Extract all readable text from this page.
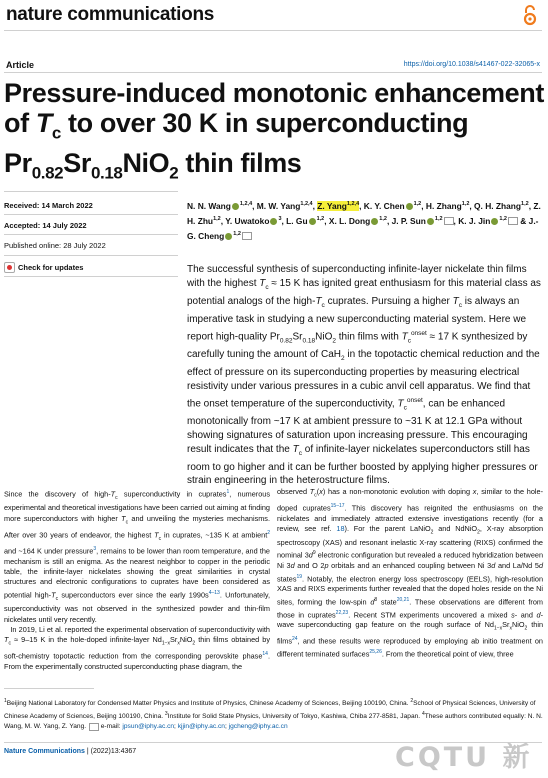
nature communications
Article	https://doi.org/10.1038/s41467-022-32065-x
Pressure-induced monotonic enhancement of $T_c$ to over 30 K in superconducting $Pr_{0.82}Sr_{0.18}NiO_2$ thin films
Received: 14 March 2022
Accepted: 14 July 2022
Published online: 28 July 2022
Check for updates
N. N. Wang $^{1,2,4}$, M. W. Yang$^{1,2,4}$, Z. Yang$^{1,2,4}$, K. Y. Chen $^{1,2}$, H. Zhang$^{1,2}$, Q. H. Zhang$^{1,2}$, Z. H. Zhu$^{1,2}$, Y. Uwatoko $^3$, L. Gu $^{1,2}$, X. L. Dong $^{1,2}$, J. P. Sun $^{1,2}$ , K. J. Jin $^{1,2}$ & J.-G. Cheng $^{1,2}$
The successful synthesis of superconducting infinite-layer nickelate thin films with the highest $T_c \approx 15$ K has ignited great enthusiasm for this material class as potential analogs of the high-$T_c$ cuprates. Pursuing a higher $T_c$ is always an imperative task in studying a new superconducting material system. Here we report high-quality $Pr_{0.82}Sr_{0.18}NiO_2$ thin films with $T_c^{onset} \approx 17$ K synthesized by carefully tuning the amount of CaH$_2$ in the topotactic chemical reduction and the effect of pressure on its superconducting properties by measuring electrical resistivity under various pressures in a cubic anvil cell apparatus. We find that the onset temperature of the superconductivity, $T_c^{onset}$, can be enhanced monotonically from ~17 K at ambient pressure to ~31 K at 12.1 GPa without showing signatures of saturation upon increasing pressure. This encouraging result indicates that the $T_c$ of infinite-layer nickelates superconductors still has room to go higher and it can be further boosted by applying higher pressures or strain engineering in the heterostructure films.
Since the discovery of high-$T_c$ superconductivity in cuprates$^1$, numerous experimental and theoretical investigations have been carried out aiming at finding more superconductors with higher $T_c$ and unveiling the mysteries mechanisms. After over 30 years of endeavor, the highest $T_c$ in cuprates, ~135 K at ambient$^2$ and ~164 K under pressure$^3$, remains to be lower than room temperature, and the mechanism is still an enigma. As the nearest neighbor to copper in the periodic table, the infinite-layer nickelates showing the great similarities in crystal structures and electronic configurations to cuprates have been considered as potential high-$T_c$ superconductors ever since the early $1990s^{4-13}$. Unfortunately, superconductivity was not observed in the synthesized powder and thin-film nickelates until very recently.
In 2019, Li et al. reported the experimental observation of superconductivity with $T_c \approx 9-15$ K in the hole-doped infinite-layer $Nd_{1-x}Sr_xNiO_2$ thin films obtained by soft-chemistry topotactic reduction from the corresponding perovskite phase$^{14}$. From the experimentally constructed superconducting phase diagram, the
observed $T_c(x)$ has a non-monotonic evolution with doping x, similar to the hole-doped cuprates$^{15-17}$. This discovery has reignited the enthusiasms on the nickelates and immediately attracted extensive investigations recently (for a review, see ref. 18). For the parent LaNiO$_2$ and NdNiO$_2$, X-ray absorption spectroscopy (XAS) and resonant inelastic X-ray scattering (RIXS) confirmed the nominal $3d^9$ electronic configuration but revealed a reduced hybridization between Ni 3d and O 2p orbitals and an enhanced coupling between Ni 3d and La/Nd 5d states$^{19}$. Notably, the electron energy loss spectroscopy (EELS), high-resolution XAS and RIXS experiments further revealed that the doped holes reside on the Ni sites, forming the low-spin $d^8$ state$^{20,21}$. These observations are different from those in cuprates$^{22,23}$. Recent STM experiments uncovered a mixed s- and d-wave superconducting gap feature on the rough surface of $Nd_{1-x}Sr_xNiO_2$ thin films$^{24}$, and these results were reproduced by employing ab initio treatment on different terminated surfaces$^{25,26}$. From the theoretical point of view, three
$^1$Beijing National Laboratory for Condensed Matter Physics and Institute of Physics, Chinese Academy of Sciences, Beijing 100190, China. $^2$School of Physical Sciences, University of Chinese Academy of Sciences, Beijing 100190, China. $^3$Institute for Solid State Physics, University of Tokyo, Kashiwa, Chiba 277-8581, Japan. $^4$These authors contributed equally: N. N. Wang, M. W. Yang, Z. Yang.  e-mail: jpsun@iphy.ac.cn; kjjin@iphy.ac.cn; jgcheng@iphy.ac.cn
Nature Communications | (2022)13:4367	CQTU 新
